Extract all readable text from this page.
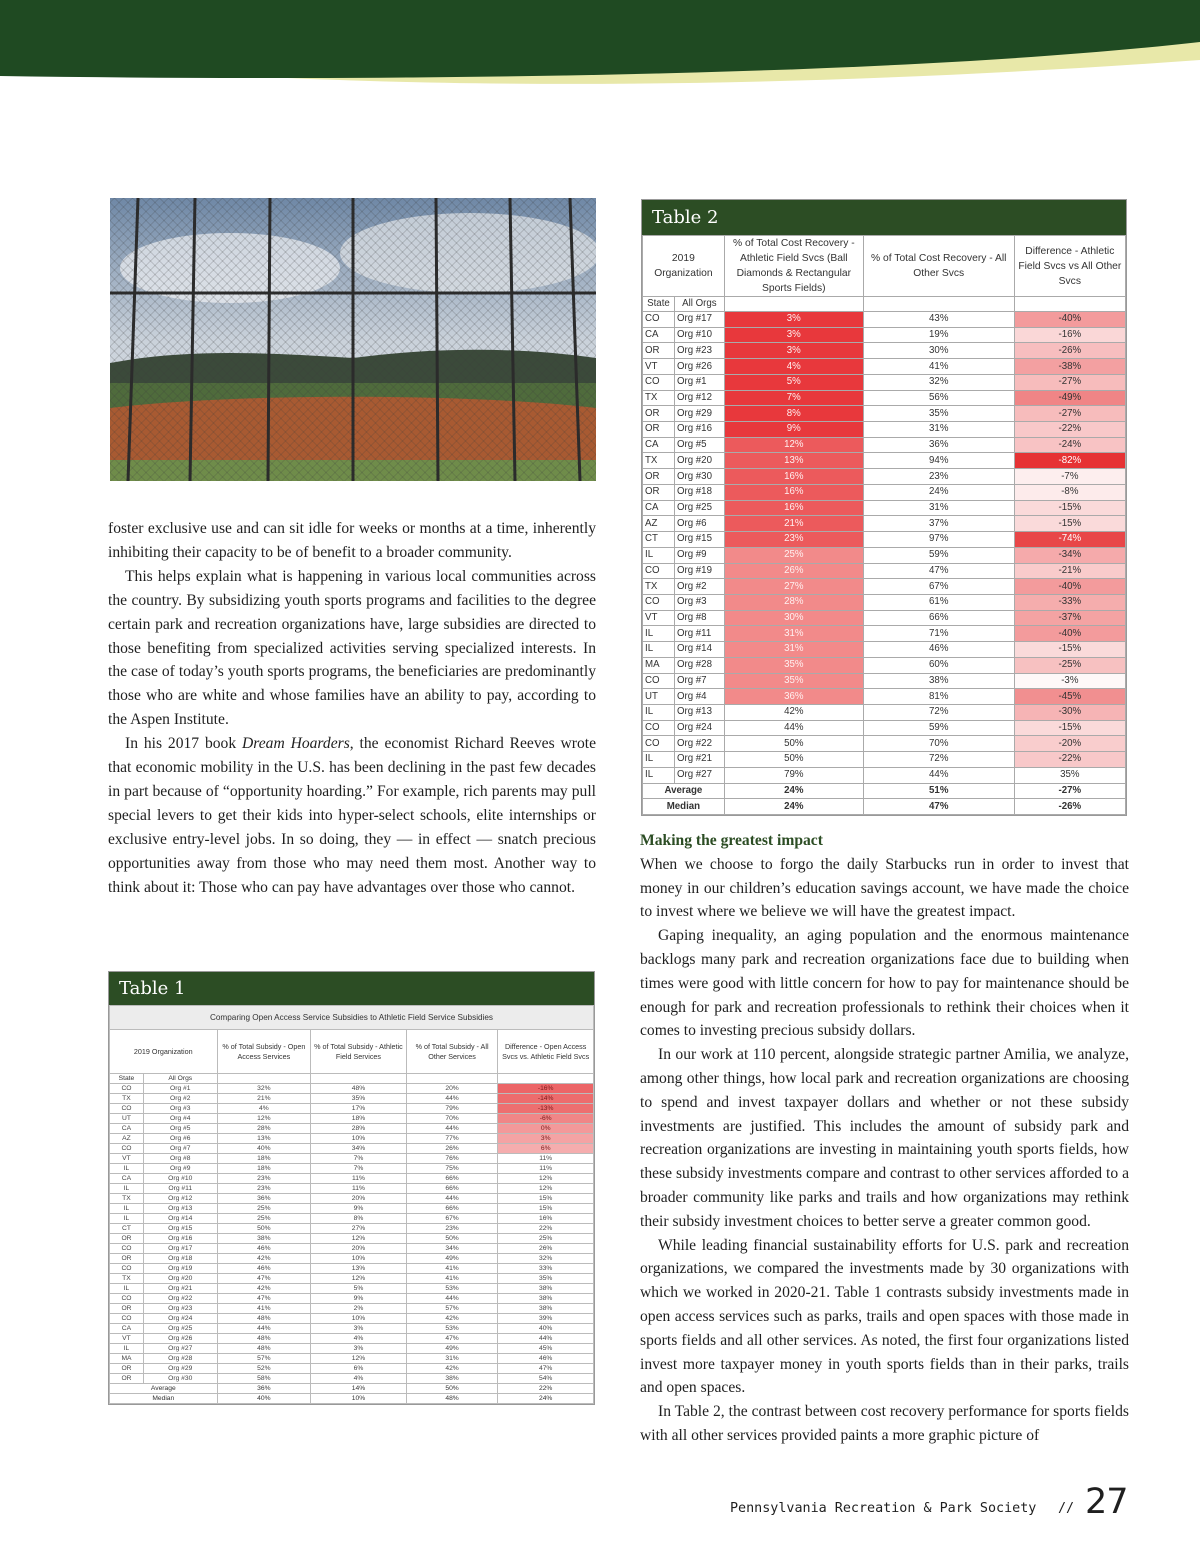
foster exclusive use and can sit idle for weeks or months at a time, inherently inhibiting their capacity to be of benefit to a broader community.

This helps explain what is happening in various local communities across the country. By subsidizing youth sports programs and facilities to the degree certain park and recreation organizations have, large subsidies are directed to those benefiting from specialized activities serving specialized interests. In the case of today’s youth sports programs, the beneficiaries are predominantly those who are white and whose families have an ability to pay, according to the Aspen Institute.

In his 2017 book Dream Hoarders, the economist Richard Reeves wrote that economic mobility in the U.S. has been declining in the past few decades in part because of “opportunity hoarding.” For example, rich parents may pull special levers to get their kids into hyper-select schools, elite internships or exclusive entry-level jobs. In so doing, they — in effect — snatch precious opportunities away from those who may need them most. Another way to think about it: Those who can pay have advantages over those who cannot.

Table 2
2019 Organization		% of Total Cost Recovery - Athletic Field Svcs (Ball Diamonds & Rectangular Sports Fields)	% of Total Cost Recovery - All Other Svcs	Difference - Athletic Field Svcs vs All Other Svcs
State	All Orgs			
CO	Org #17	3%	43%	-40%
CA	Org #10	3%	19%	-16%
OR	Org #23	3%	30%	-26%
VT	Org #26	4%	41%	-38%
CO	Org #1	5%	32%	-27%
TX	Org #12	7%	56%	-49%
OR	Org #29	8%	35%	-27%
OR	Org #16	9%	31%	-22%
CA	Org #5	12%	36%	-24%
TX	Org #20	13%	94%	-82%
OR	Org #30	16%	23%	-7%
OR	Org #18	16%	24%	-8%
CA	Org #25	16%	31%	-15%
AZ	Org #6	21%	37%	-15%
CT	Org #15	23%	97%	-74%
IL	Org #9	25%	59%	-34%
CO	Org #19	26%	47%	-21%
TX	Org #2	27%	67%	-40%
CO	Org #3	28%	61%	-33%
VT	Org #8	30%	66%	-37%
IL	Org #11	31%	71%	-40%
IL	Org #14	31%	46%	-15%
MA	Org #28	35%	60%	-25%
CO	Org #7	35%	38%	-3%
UT	Org #4	36%	81%	-45%
IL	Org #13	42%	72%	-30%
CO	Org #24	44%	59%	-15%
CO	Org #22	50%	70%	-20%
IL	Org #21	50%	72%	-22%
IL	Org #27	79%	44%	35%
Average		24%	51%	-27%
Median		24%	47%	-26%
Table 1
Comparing Open Access Service Subsidies to Athletic Field Service Subsidies					
2019 Organization		% of Total Subsidy - Open Access Services	% of Total Subsidy - Athletic Field Services	% of Total Subsidy - All Other Services	Difference - Open Access Svcs vs. Athletic Field Svcs
State	All Orgs				
CO	Org #1	32%	48%	20%	-16%
TX	Org #2	21%	35%	44%	-14%
CO	Org #3	4%	17%	79%	-13%
UT	Org #4	12%	18%	70%	-6%
CA	Org #5	28%	28%	44%	0%
AZ	Org #6	13%	10%	77%	3%
CO	Org #7	40%	34%	26%	6%
VT	Org #8	18%	7%	76%	11%
IL	Org #9	18%	7%	75%	11%
CA	Org #10	23%	11%	66%	12%
IL	Org #11	23%	11%	66%	12%
TX	Org #12	36%	20%	44%	15%
IL	Org #13	25%	9%	66%	15%
IL	Org #14	25%	8%	67%	16%
CT	Org #15	50%	27%	23%	22%
OR	Org #16	38%	12%	50%	25%
CO	Org #17	46%	20%	34%	26%
OR	Org #18	42%	10%	49%	32%
CO	Org #19	46%	13%	41%	33%
TX	Org #20	47%	12%	41%	35%
IL	Org #21	42%	5%	53%	38%
CO	Org #22	47%	9%	44%	38%
OR	Org #23	41%	2%	57%	38%
CO	Org #24	48%	10%	42%	39%
CA	Org #25	44%	3%	53%	40%
VT	Org #26	48%	4%	47%	44%
IL	Org #27	48%	3%	49%	45%
MA	Org #28	57%	12%	31%	46%
OR	Org #29	52%	6%	42%	47%
OR	Org #30	58%	4%	38%	54%
Average		36%	14%	50%	22%
Median		40%	10%	48%	24%
Making the greatest impact

When we choose to forgo the daily Starbucks run in order to invest that money in our children’s education savings account, we have made the choice to invest where we believe we will have the greatest impact.

Gaping inequality, an aging population and the enormous maintenance backlogs many park and recreation organizations face due to building when times were good with little concern for how to pay for maintenance should be enough for park and recreation professionals to rethink their choices when it comes to investing precious subsidy dollars.

In our work at 110 percent, alongside strategic partner Amilia, we analyze, among other things, how local park and recreation organizations are choosing to spend and invest taxpayer dollars and whether or not these subsidy investments are justified. This includes the amount of subsidy park and recreation organizations are investing in maintaining youth sports fields, how these subsidy investments compare and contrast to other services afforded to a broader community like parks and trails and how organizations may rethink their subsidy investment choices to better serve a greater common good.

While leading financial sustainability efforts for U.S. park and recreation organizations, we compared the investments made by 30 organizations with which we worked in 2020-21. Table 1 contrasts subsidy investments made in open access services such as parks, trails and open spaces with those made in sports fields and all other services. As noted, the first four organizations listed invest more taxpayer money in youth sports fields than in their parks, trails and open spaces.

In Table 2, the contrast between cost recovery performance for sports fields with all other services provided paints a more graphic picture of

Pennsylvania Recreation & Park Society // 27
